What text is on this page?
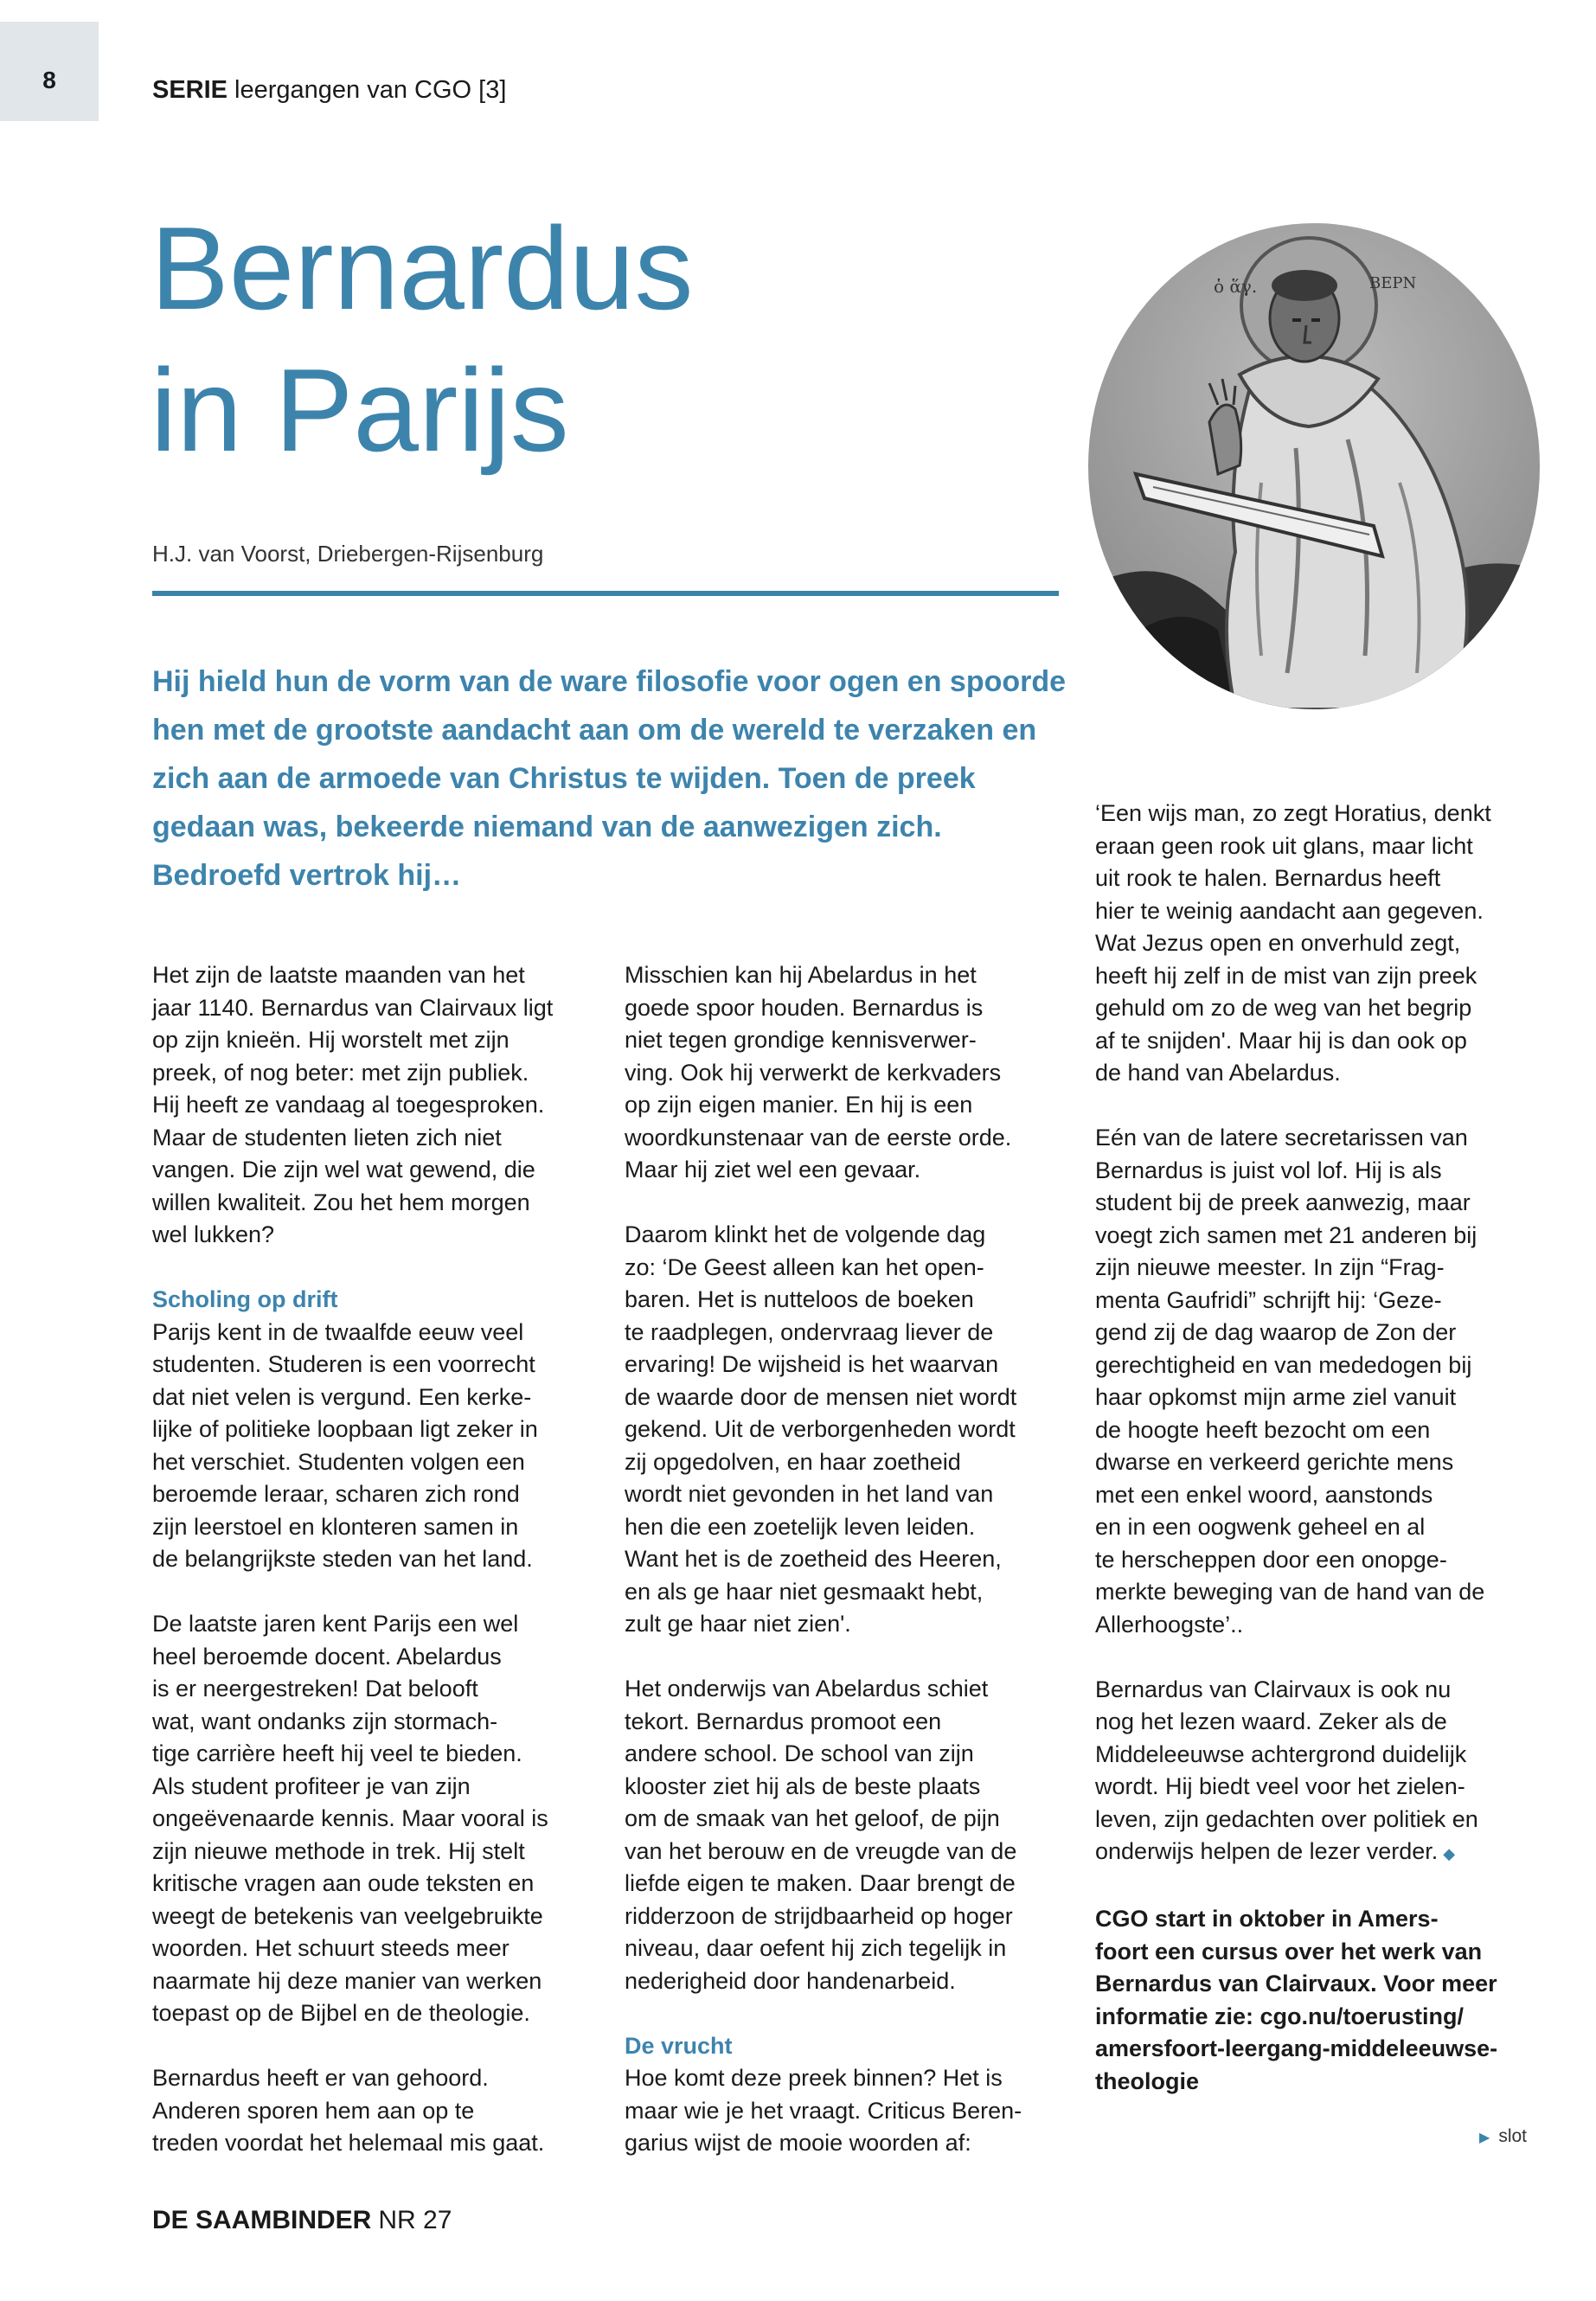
8	SERIE leergangen van CGO [3]
Bernardus
in Parijs
H.J. van Voorst, Driebergen-Rijsenburg

Hij hield hun de vorm van de ware filosofie voor ogen en spoorde hen met de grootste aandacht aan om de wereld te verzaken en zich aan de armoede van Christus te wijden. Toen de preek gedaan was, bekeerde niemand van de aanwezigen zich. Bedroefd vertrok hij…

ὁ ἅγ.	ΒΕΡΝ

Het zijn de laatste maanden van het
jaar 1140. Bernardus van Clairvaux ligt
op zijn knieën. Hij worstelt met zijn
preek, of nog beter: met zijn publiek.
Hij heeft ze vandaag al toegesproken.
Maar de studenten lieten zich niet
vangen. Die zijn wel wat gewend, die
willen kwaliteit. Zou het hem morgen
wel lukken?

Scholing op drift

Parijs kent in de twaalfde eeuw veel
studenten. Studeren is een voorrecht
dat niet velen is vergund. Een kerke-
lijke of politieke loopbaan ligt zeker in
het verschiet. Studenten volgen een
beroemde leraar, scharen zich rond
zijn leerstoel en klonteren samen in
de belangrijkste steden van het land.

De laatste jaren kent Parijs een wel
heel beroemde docent. Abelardus
is er neergestreken! Dat belooft
wat, want ondanks zijn stormach-
tige carrière heeft hij veel te bieden.
Als student profiteer je van zijn
ongeëvenaarde kennis. Maar vooral is
zijn nieuwe methode in trek. Hij stelt
kritische vragen aan oude teksten en
weegt de betekenis van veelgebruikte
woorden. Het schuurt steeds meer
naarmate hij deze manier van werken
toepast op de Bijbel en de theologie.

Bernardus heeft er van gehoord.
Anderen sporen hem aan op te
treden voordat het helemaal mis gaat.

Misschien kan hij Abelardus in het
goede spoor houden. Bernardus is
niet tegen grondige kennisverwer-
ving. Ook hij verwerkt de kerkvaders
op zijn eigen manier. En hij is een
woordkunstenaar van de eerste orde.
Maar hij ziet wel een gevaar.

Daarom klinkt het de volgende dag
zo: ‘De Geest alleen kan het open-
baren. Het is nutteloos de boeken
te raadplegen, ondervraag liever de
ervaring! De wijsheid is het waarvan
de waarde door de mensen niet wordt
gekend. Uit de verborgenheden wordt
zij opgedolven, en haar zoetheid
wordt niet gevonden in het land van
hen die een zoetelijk leven leiden.
Want het is de zoetheid des Heeren,
en als ge haar niet gesmaakt hebt,
zult ge haar niet zien'.

Het onderwijs van Abelardus schiet
tekort. Bernardus promoot een
andere school. De school van zijn
klooster ziet hij als de beste plaats
om de smaak van het geloof, de pijn
van het berouw en de vreugde van de
liefde eigen te maken. Daar brengt de
ridderzoon de strijdbaarheid op hoger
niveau, daar oefent hij zich tegelijk in
nederigheid door handenarbeid.

De vrucht

Hoe komt deze preek binnen? Het is
maar wie je het vraagt. Criticus Beren-
garius wijst de mooie woorden af:

‘Een wijs man, zo zegt Horatius, denkt
eraan geen rook uit glans, maar licht
uit rook te halen. Bernardus heeft
hier te weinig aandacht aan gegeven.
Wat Jezus open en onverhuld zegt,
heeft hij zelf in de mist van zijn preek
gehuld om zo de weg van het begrip
af te snijden'. Maar hij is dan ook op
de hand van Abelardus.

Eén van de latere secretarissen van
Bernardus is juist vol lof. Hij is als
student bij de preek aanwezig, maar
voegt zich samen met 21 anderen bij
zijn nieuwe meester. In zijn “Frag-
menta Gaufridi” schrijft hij: ‘Geze-
gend zij de dag waarop de Zon der
gerechtigheid en van mededogen bij
haar opkomst mijn arme ziel vanuit
de hoogte heeft bezocht om een
dwarse en verkeerd gerichte mens
met een enkel woord, aanstonds
en in een oogwenk geheel en al
te herscheppen door een onopge-
merkte beweging van de hand van de
Allerhoogste’..

Bernardus van Clairvaux is ook nu
nog het lezen waard. Zeker als de
Middeleeuwse achtergrond duidelijk
wordt. Hij biedt veel voor het zielen-
leven, zijn gedachten over politiek en
onderwijs helpen de lezer verder. ◆

CGO start in oktober in Amers-
foort een cursus over het werk van
Bernardus van Clairvaux. Voor meer
informatie zie: cgo.nu/toerusting/
amersfoort-leergang-middeleeuwse-
theologie

▶ slot
DE SAAMBINDER NR 27
